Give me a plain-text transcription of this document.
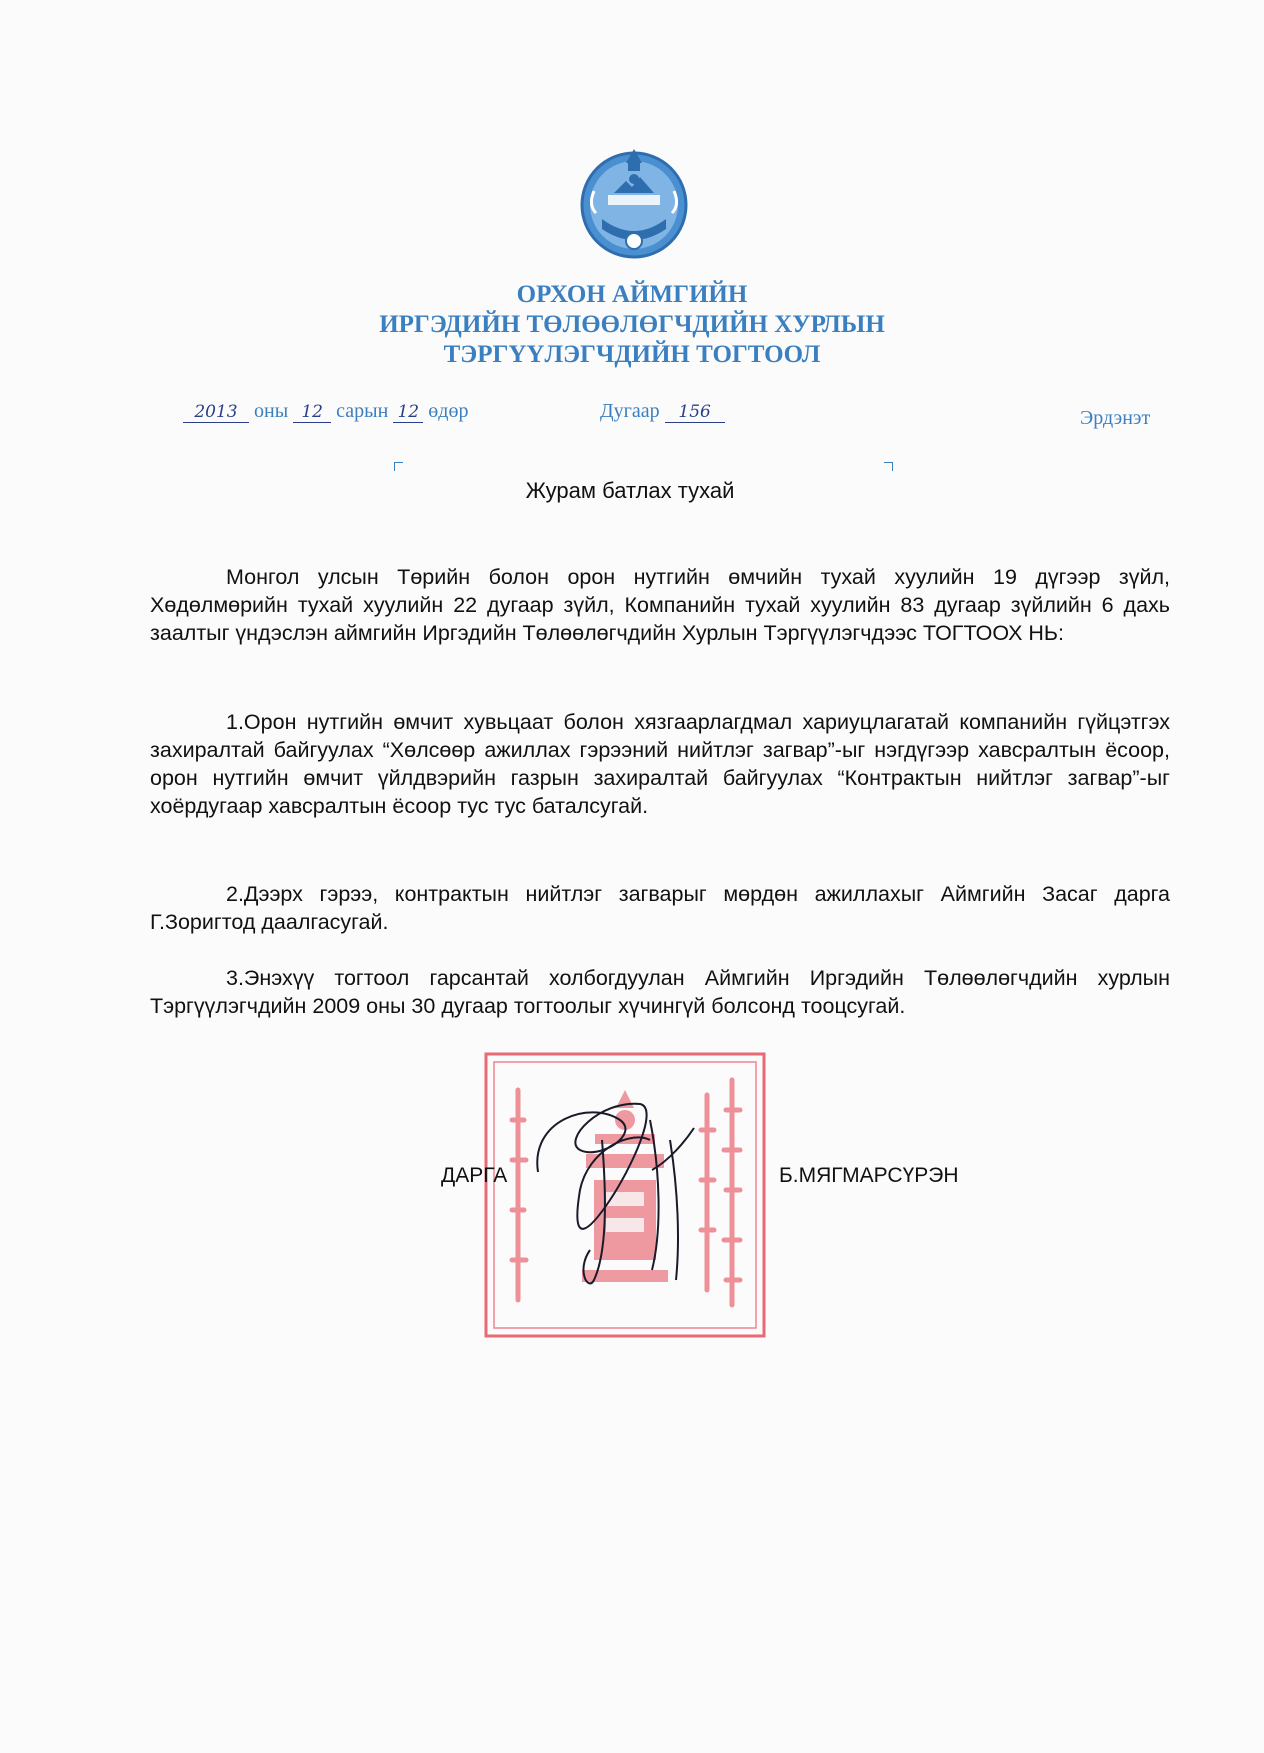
ОРХОН АЙМГИЙН
ИРГЭДИЙН ТӨЛӨӨЛӨГЧДИЙН ХУРЛЫН
ТЭРГҮҮЛЭГЧДИЙН ТОГТООЛ
2013 оны 12 сарын 12 өдөр	Дугаар 156	Эрдэнэт
Журам батлах тухай

Монгол улсын Төрийн болон орон нутгийн өмчийн тухай хуулийн 19 дүгээр зүйл, Хөдөлмөрийн тухай хуулийн 22 дугаар зүйл, Компанийн тухай хуулийн 83 дугаар зүйлийн 6 дахь заалтыг үндэслэн аймгийн Иргэдийн Төлөөлөгчдийн Хурлын Тэргүүлэгчдээс ТОГТООХ НЬ:

1.Орон нутгийн өмчит хувьцаат болон хязгаарлагдмал хариуцлагатай компанийн гүйцэтгэх захиралтай байгуулах “Хөлсөөр ажиллах гэрээний нийтлэг загвар”-ыг нэгдүгээр хавсралтын ёсоор, орон нутгийн өмчит үйлдвэрийн газрын захиралтай байгуулах “Контрактын нийтлэг загвар”-ыг хоёрдугаар хавсралтын ёсоор тус тус баталсугай.

2.Дээрх гэрээ, контрактын нийтлэг загварыг мөрдөн ажиллахыг Аймгийн Засаг дарга Г.Зоригтод даалгасугай.

3.Энэхүү тогтоол гарсантай холбогдуулан Аймгийн Иргэдийн Төлөөлөгчдийн хурлын Тэргүүлэгчдийн 2009 оны 30 дугаар тогтоолыг хүчингүй болсонд тооцсугай.

ДАРГА	Б.МЯГМАРСҮРЭН
